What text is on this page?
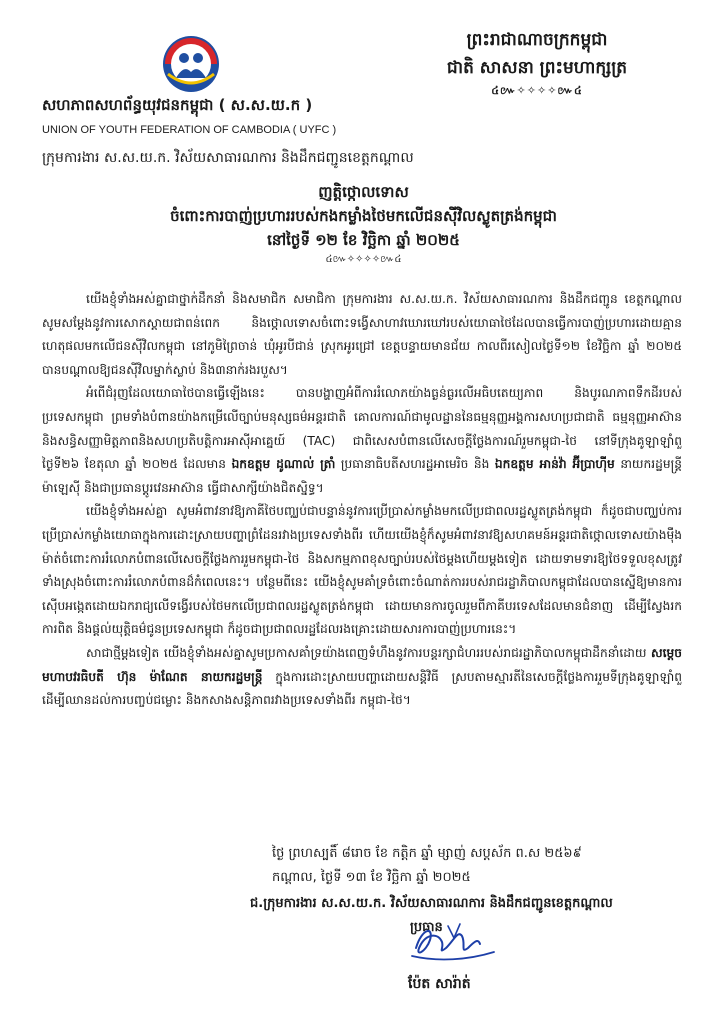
ព្រះរាជាណាចក្រកម្ពុជា
ជាតិ សាសនា ព្រះមហាក្សត្រ
៤៚✧✧✧✧៚៤
សហភាពសហព័ន្ធយុវជនកម្ពុជា ( ស.ស.យ.ក )
UNION OF YOUTH FEDERATION OF CAMBODIA ( UYFC )
ក្រុមការងារ ស.ស.យ.ក. វិស័យសាធារណការ និងដឹកជញ្ជូនខេត្តកណ្ដាល
ញត្តិថ្កោលទោស
ចំពោះការបាញ់ប្រហាររបស់កងកម្លាំងថៃមកលើជនស៊ីវិលស្លូតត្រង់កម្ពុជា
នៅថ្ងៃទី ១២ ខែ វិច្ឆិកា ឆ្នាំ ២០២៥
៤៚✧✧✧✧៚៤

យើងខ្ញុំទាំងអស់គ្នាជាថ្នាក់ដឹកនាំ និងសមាជិក សមាជិកា ក្រុមការងារ ស.ស.យ.ក. វិស័យសាធារណការ និងដឹកជញ្ជូន ខេត្តកណ្ដាល សូមសម្ដែងនូវការសោកស្ដាយជាពន់ពេក និងថ្កោលទោសចំពោះទង្វើសាហាវឃោរឃៅរបស់យោធាថៃដែលបានធ្វើការបាញ់ប្រហារដោយគ្មានហេតុផលមកលើជនស៊ីវិលកម្ពុជា នៅភូមិព្រៃចាន់ ឃុំអូរបីជាន់ ស្រុកអូរជ្រៅ ខេត្តបន្ទាយមានជ័យ កាលពីរសៀលថ្ងៃទី១២ ខែវិច្ឆិកា ឆ្នាំ ២០២៥ បានបណ្ដាលឱ្យជនស៊ីវិលម្នាក់ស្លាប់ និង៣នាក់រងរបួស។

អំពើជំរុញដែលយោធាថៃបានធ្វើឡើងនេះ បានបង្ហាញអំពីការរំលោភយ៉ាងធ្ងន់ធ្ងរលើអធិបតេយ្យភាព និងបូរណភាពទឹកដីរបស់ប្រទេសកម្ពុជា ព្រមទាំងបំពានយ៉ាងកម្រើលើច្បាប់មនុស្សធម៌អន្តរជាតិ គោលការណ៍ជាមូលដ្ឋាននៃធម្មនុញ្ញអង្គការសហប្រជាជាតិ ធម្មនុញ្ញអាស៊ាន និងសន្ធិសញ្ញាមិត្តភាពនិងសហប្រតិបត្តិការអាស៊ីអាគ្នេយ៍ (TAC) ជាពិសេសបំពានលើសេចក្ដីថ្លែងការណ៍រួមកម្ពុជា-ថៃ នៅទីក្រុងគូឡាឡាំពួ ថ្ងៃទី២៦ ខែតុលា ឆ្នាំ ២០២៥ ដែលមាន ឯកឧត្តម ដូណាល់ ត្រាំ ប្រធានាធិបតីសហរដ្ឋអាមេរិច និង ឯកឧត្តម អាន់វ៉ា អ៊ីប្រាហ៊ីម នាយករដ្ឋមន្ត្រីម៉ាឡេស៊ី និងជាប្រធានប្ដូរវេនអាស៊ាន ធ្វើជាសាក្សីយ៉ាងជិតស្និទ្ធ។

យើងខ្ញុំទាំងអស់គ្នា សូមអំពាវនាវឱ្យភាគីថៃបញ្ឈប់ជាបន្ទាន់នូវការប្រើប្រាស់កម្លាំងមកលើប្រជាពលរដ្ឋស្លូតត្រង់កម្ពុជា ក៏ដូចជាបញ្ឈប់ការប្រើប្រាស់កម្លាំងយោធាក្នុងការដោះស្រាយបញ្ហាព្រំដែនរវាងប្រទេសទាំងពីរ ហើយយើងខ្ញុំក៏សូមអំពាវនាវឱ្យសហគមន៍អន្តរជាតិថ្កោលទោសយ៉ាងម៉ឺងម៉ាត់ចំពោះការរំលោភបំពានលើសេចក្ដីថ្លែងការរួមកម្ពុជា-ថៃ និងសកម្មភាពខុសច្បាប់របស់ថៃម្ដងហើយម្ដងទៀត ដោយទាមទារឱ្យថៃទទួលខុសត្រូវទាំងស្រុងចំពោះការរំលោភបំពានដ៏កំពេលនេះ។ បន្ថែមពីនេះ យើងខ្ញុំសូមគាំទ្រចំពោះចំណាត់ការរបស់រាជរដ្ឋាភិបាលកម្ពុជាដែលបានស្នើឱ្យមានការស៊ើបអង្កេតដោយឯករាជ្យលើទង្វើរបស់ថៃមកលើប្រជាពលរដ្ឋស្លូតត្រង់កម្ពុជា ដោយមានការចូលរួមពីភាគីបរទេសដែលមានជំនាញ ដើម្បីស្វែងរកការពិត និងផ្ដល់យុត្តិធម៌ជូនប្រទេសកម្ពុជា ក៏ដូចជាប្រជាពលរដ្ឋដែលរងគ្រោះដោយសារការបាញ់ប្រហារនេះ។

សាជាថ្មីម្ដងទៀត យើងខ្ញុំទាំងអស់គ្នាសូមប្រកាសគាំទ្រយ៉ាងពេញទំហឹងនូវការបន្តរក្សាជំហររបស់រាជរដ្ឋាភិបាលកម្ពុជាដឹកនាំដោយ សម្ដេចមហាបវរធិបតី ហ៊ុន ម៉ាណែត នាយករដ្ឋមន្ត្រី ក្នុងការដោះស្រាយបញ្ហាដោយសន្តិវិធី ស្របតាមស្មារតីនៃសេចក្ដីថ្លែងការរួមទីក្រុងគូឡាឡាំពួ ដើម្បីឈានដល់ការបញ្ចប់ជម្លោះ និងកសាងសន្តិភាពរវាងប្រទេសទាំងពីរ កម្ពុជា-ថៃ។

ថ្ងៃ ព្រហស្បតិ៍ ៨រោច ខែ កត្តិក ឆ្នាំ ម្សាញ់ សប្តស័ក ព.ស ២៥៦៩
កណ្ដាល, ថ្ងៃទី ១៣ ខែ វិច្ឆិកា ឆ្នាំ ២០២៥
ជ.ក្រុមការងារ ស.ស.យ.ក. វិស័យសាធារណការ និងដឹកជញ្ជូនខេត្តកណ្ដាល
ប្រធាន
ប៉ែត សារ៉ាត់
